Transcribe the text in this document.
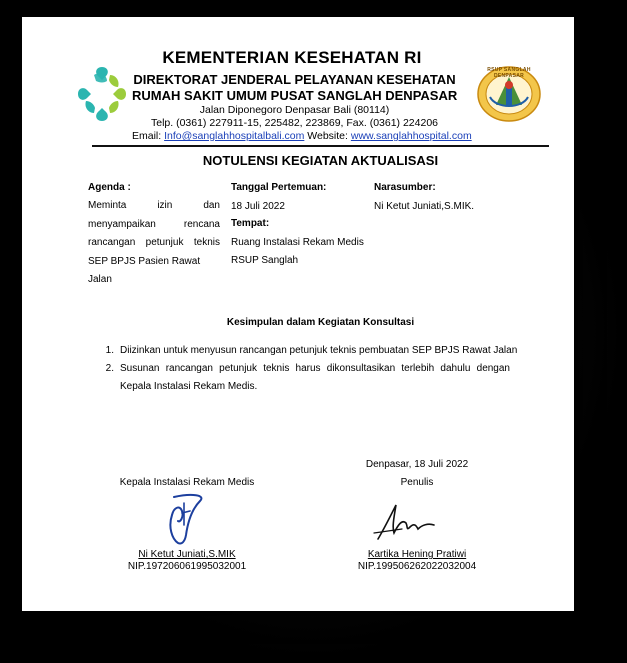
RSUP SANGLAH DENPASAR
KEMENTERIAN KESEHATAN RI
DIREKTORAT JENDERAL PELAYANAN KESEHATAN
RUMAH SAKIT UMUM PUSAT SANGLAH DENPASAR
Jalan Diponegoro Denpasar Bali (80114)
Telp. (0361) 227911-15, 225482, 223869, Fax. (0361) 224206
Email: Info@sanglahhospitalbali.com Website: www.sanglahhospital.com
NOTULENSI KEGIATAN AKTUALISASI
Agenda :
Meminta	izin	dan
menyampaikan	rencana
rancangan petunjuk teknis
SEP BPJS Pasien Rawat Jalan
Tanggal Pertemuan:
18 Juli 2022
Tempat:
Ruang Instalasi Rekam Medis
RSUP Sanglah
Narasumber:
Ni Ketut Juniati,S.MIK.
Kesimpulan dalam Kegiatan Konsultasi
1. Diizinkan untuk menyusun rancangan petunjuk teknis pembuatan SEP BPJS Rawat Jalan
2. Susunan rancangan petunjuk teknis harus dikonsultasikan terlebih dahulu dengan
Kepala Instalasi Rekam Medis.
Denpasar, 18 Juli 2022
Kepala Instalasi Rekam Medis	Penulis
Ni Ketut Juniati,S.MIK
NIP.197206061995032001
Kartika Hening Pratiwi
NIP.199506262022032004
